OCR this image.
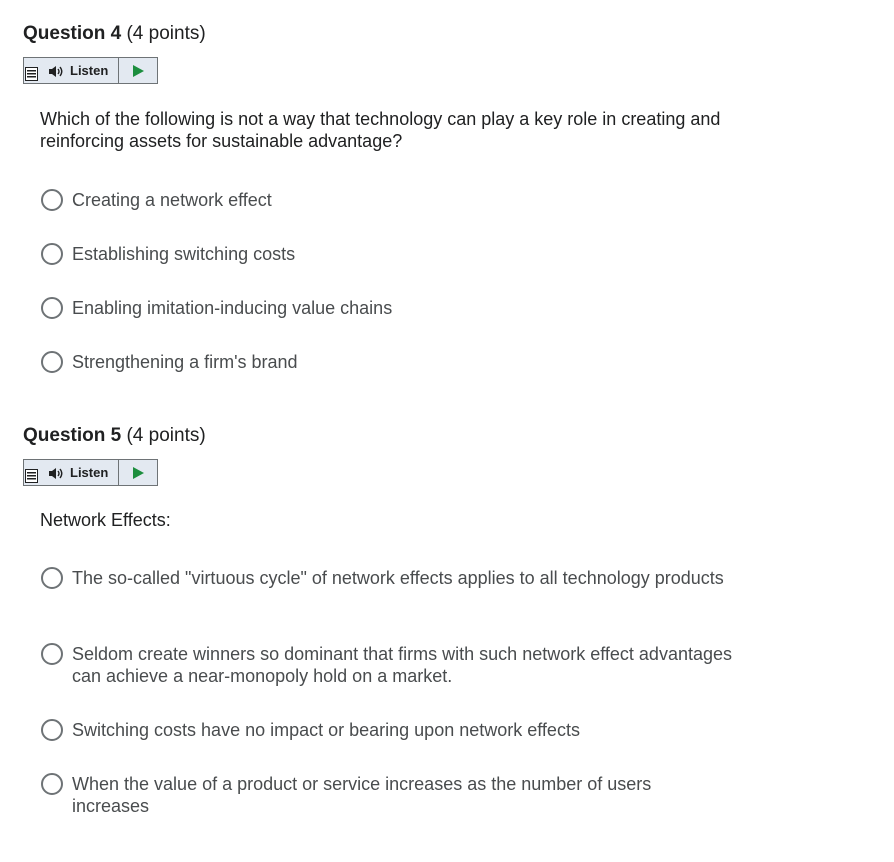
Question 4 (4 points)
Listen
Which of the following is not a way that technology can play a key role in creating and reinforcing assets for sustainable advantage?
Creating a network effect
Establishing switching costs
Enabling imitation-inducing value chains
Strengthening a firm's brand
Question 5 (4 points)
Listen
Network Effects:
The so-called "virtuous cycle" of network effects applies to all technology products
Seldom create winners so dominant that firms with such network effect advantages can achieve a near-monopoly hold on a market.
Switching costs have no impact or bearing upon network effects
When the value of a product or service increases as the number of users increases
